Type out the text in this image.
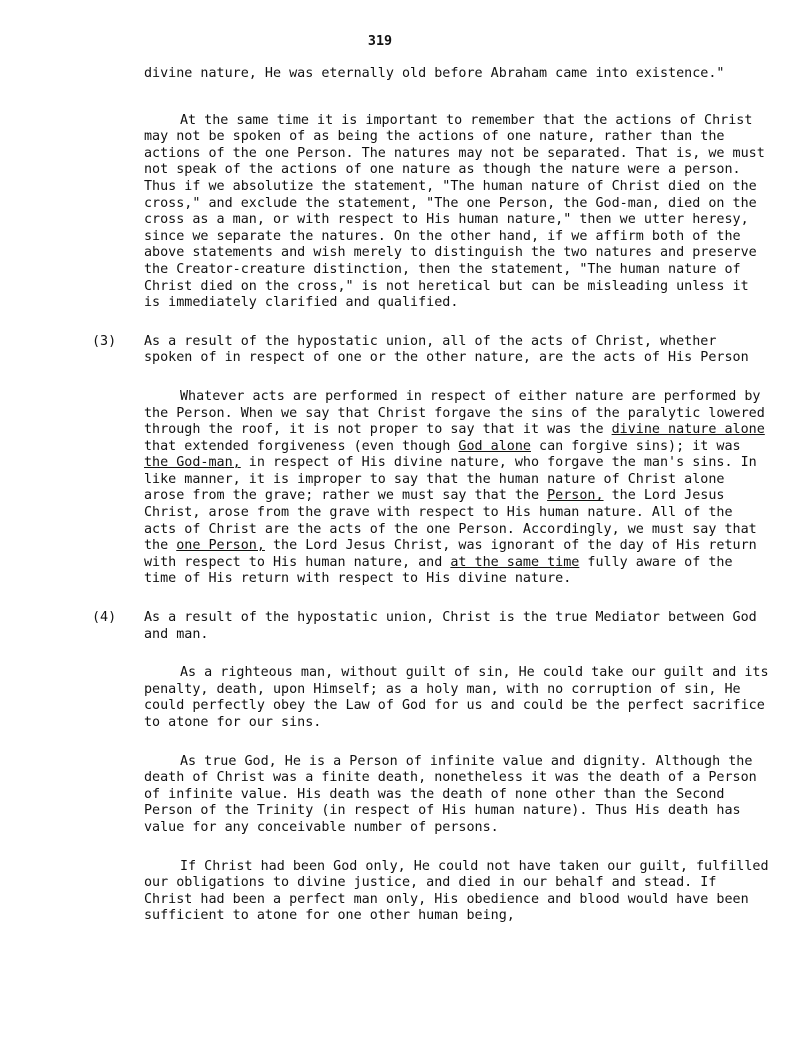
319

divine nature, He was eternally old before Abraham came into existence."

At the same time it is important to remember that the actions of Christ may not be spoken of as being the actions of one nature, rather than the actions of the one Person. The natures may not be separated. That is, we must not speak of the actions of one nature as though the nature were a person. Thus if we absolutize the statement, "The human nature of Christ died on the cross," and exclude the statement, "The one Person, the God-man, died on the cross as a man, or with respect to His human nature," then we utter heresy, since we separate the natures. On the other hand, if we affirm both of the above statements and wish merely to distinguish the two natures and preserve the Creator-creature distinction, then the statement, "The human nature of Christ died on the cross," is not heretical but can be misleading unless it is immediately clarified and qualified.

(3)	As a result of the hypostatic union, all of the acts of Christ, whether spoken of in respect of one or the other nature, are the acts of His Person

Whatever acts are performed in respect of either nature are performed by the Person. When we say that Christ forgave the sins of the paralytic lowered through the roof, it is not proper to say that it was the divine nature alone that extended forgiveness (even though God alone can forgive sins); it was the God-man, in respect of His divine nature, who forgave the man's sins. In like manner, it is improper to say that the human nature of Christ alone arose from the grave; rather we must say that the Person, the Lord Jesus Christ, arose from the grave with respect to His human nature. All of the acts of Christ are the acts of the one Person. Accordingly, we must say that the one Person, the Lord Jesus Christ, was ignorant of the day of His return with respect to His human nature, and at the same time fully aware of the time of His return with respect to His divine nature.

(4)	As a result of the hypostatic union, Christ is the true Mediator between God and man.

As a righteous man, without guilt of sin, He could take our guilt and its penalty, death, upon Himself; as a holy man, with no corruption of sin, He could perfectly obey the Law of God for us and could be the perfect sacrifice to atone for our sins.

As true God, He is a Person of infinite value and dignity. Although the death of Christ was a finite death, nonetheless it was the death of a Person of infinite value. His death was the death of none other than the Second Person of the Trinity (in respect of His human nature). Thus His death has value for any conceivable number of persons.

If Christ had been God only, He could not have taken our guilt, fulfilled our obligations to divine justice, and died in our behalf and stead. If Christ had been a perfect man only, His obedience and blood would have been sufficient to atone for one other human being,
